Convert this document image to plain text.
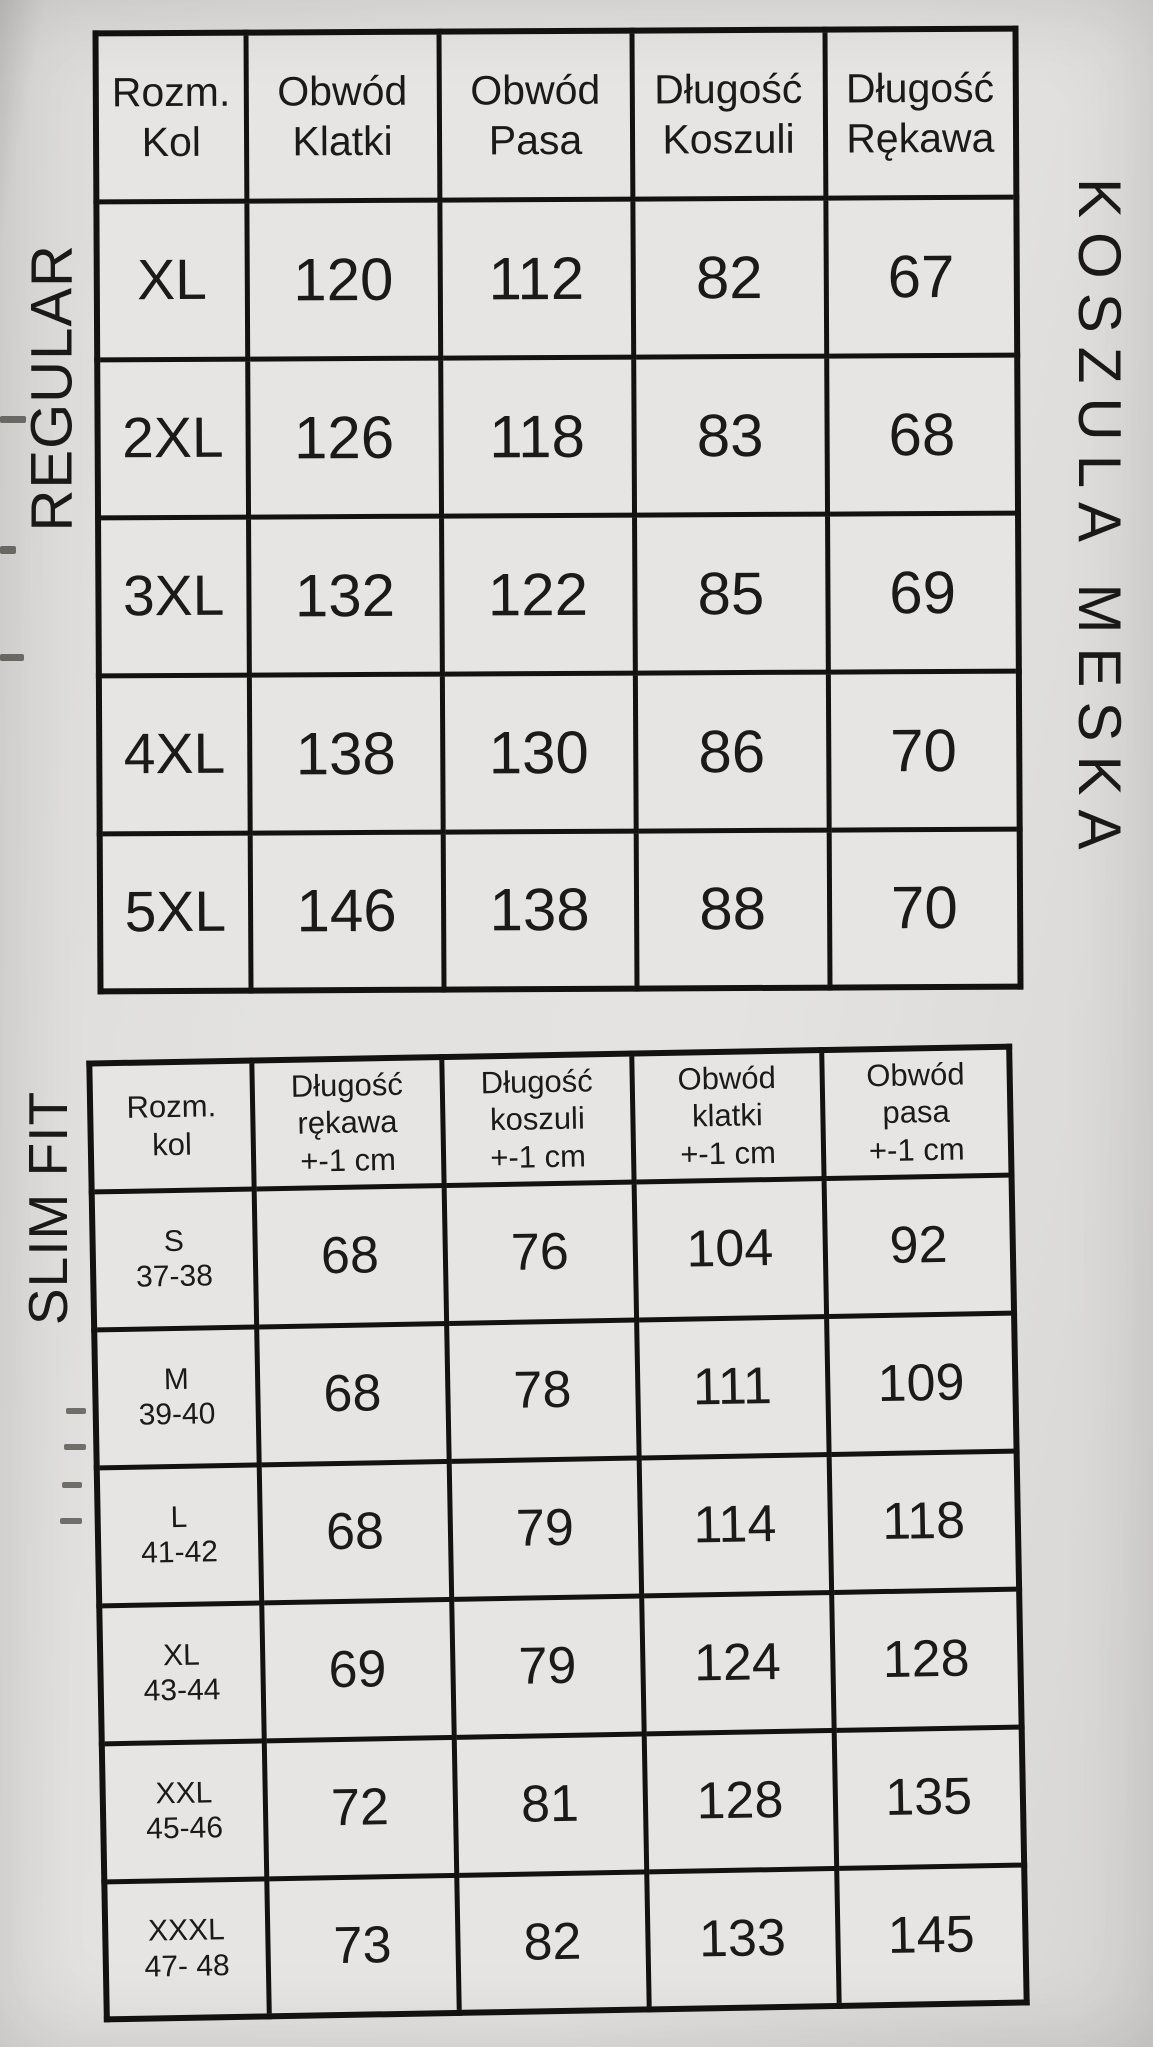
REGULAR
SLIM FIT
KOSZULA MESKA
Rozm.
Kol

Obwód
Klatki

Obwód
Pasa

Długość
Koszuli

Długość
Rękawa

XL	120	112	82	67
2XL	126	118	83	68
3XL	132	122	85	69
4XL	138	130	86	70
5XL	146	138	88	70
Rozm.
kol

Długość
rękawa
+-1 cm

Długość
koszuli
+-1 cm

Obwód
klatki
+-1 cm

Obwód
pasa
+-1 cm

S
37-38	68	76	104	92

M
39-40	68	78	111	109

L
41-42	68	79	114	118

XL
43-44	69	79	124	128

XXL
45-46	72	81	128	135

XXXL
47- 48	73	82	133	145
